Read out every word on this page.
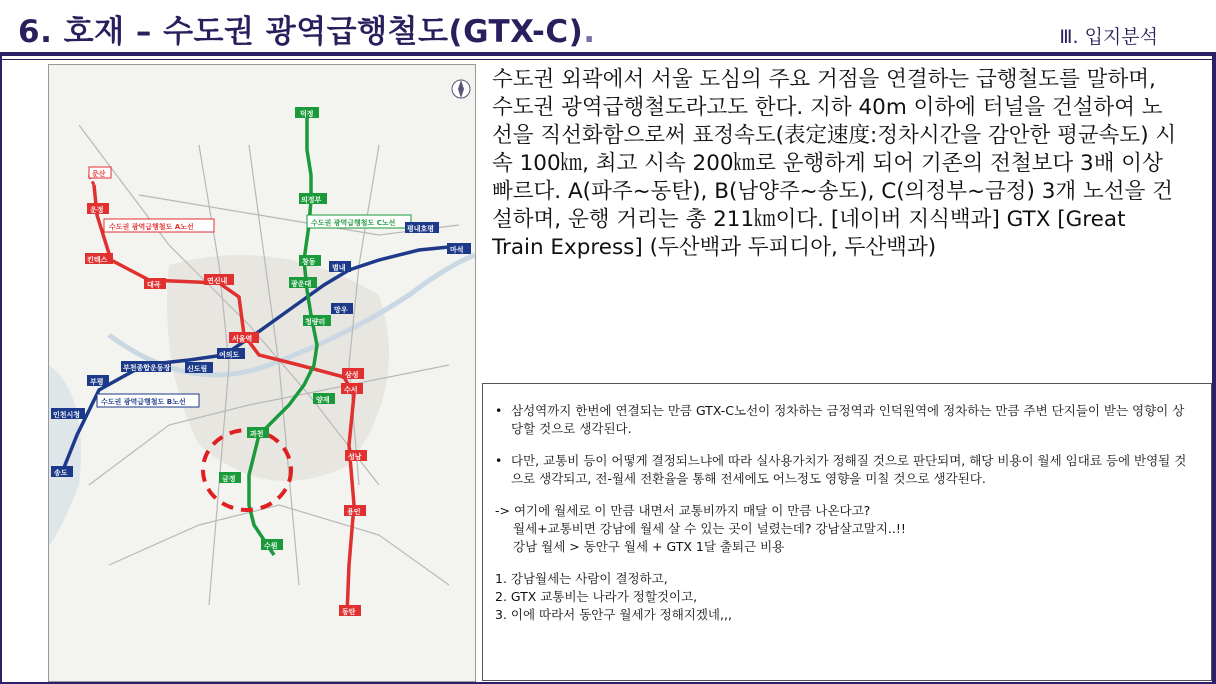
6. 호재 – 수도권 광역급행철도(GTX-C).	Ⅲ. 입지분석
수도권 광역급행철도 A노선	수도권 광역급행철도 C노선
수도권 광역급행철도 B노선
운정
킨텍스
대곡	연신내
서울역
삼성
성남
용인
동탄
수서
덕정
의정부
창동
광운대
청량리
양재
과천
금정
수원
송도
인천시청
부평
부천종합운동장 신도림
여의도
망우
별내
평내호평
마석
문산
수도권 외곽에서 서울 도심의 주요 거점을 연결하는 급행철도를 말하며, 수도권 광역급행철도라고도 한다. 지하 40m 이하에 터널을 건설하여 노선을 직선화함으로써 표정속도(表定速度:정차시간을 감안한 평균속도) 시속 100㎞, 최고 시속 200㎞로 운행하게 되어 기존의 전철보다 3배 이상 빠르다. A(파주~동탄), B(남양주~송도), C(의정부~금정) 3개 노선을 건설하며, 운행 거리는 총 211㎞이다. [네이버 지식백과] GTX [Great Train Express] (두산백과 두피디아, 두산백과)
• 삼성역까지 한번에 연결되는 만큼 GTX-C노선이 정차하는 금정역과 인덕원역에 정차하는 만큼 주변 단지들이 받는 영향이 상당할 것으로 생각된다.
• 다만, 교통비 등이 어떻게 결정되느냐에 따라 실사용가치가 정해질 것으로 판단되며, 해당 비용이 월세 임대료 등에 반영될 것으로 생각되고, 전-월세 전환율을 통해 전세에도 어느정도 영향을 미칠 것으로 생각된다.
-> 여기에 월세로 이 만큼 내면서 교통비까지 매달 이 만큼 나온다고?
월세+교통비면 강남에 월세 살 수 있는 곳이 널렸는데? 강남살고말지..!!
강남 월세 > 동안구 월세 + GTX 1달 출퇴근 비용
1. 강남월세는 사람이 결정하고,
2. GTX 교통비는 나라가 정할것이고,
3. 이에 따라서 동안구 월세가 정해지겠네,,,
